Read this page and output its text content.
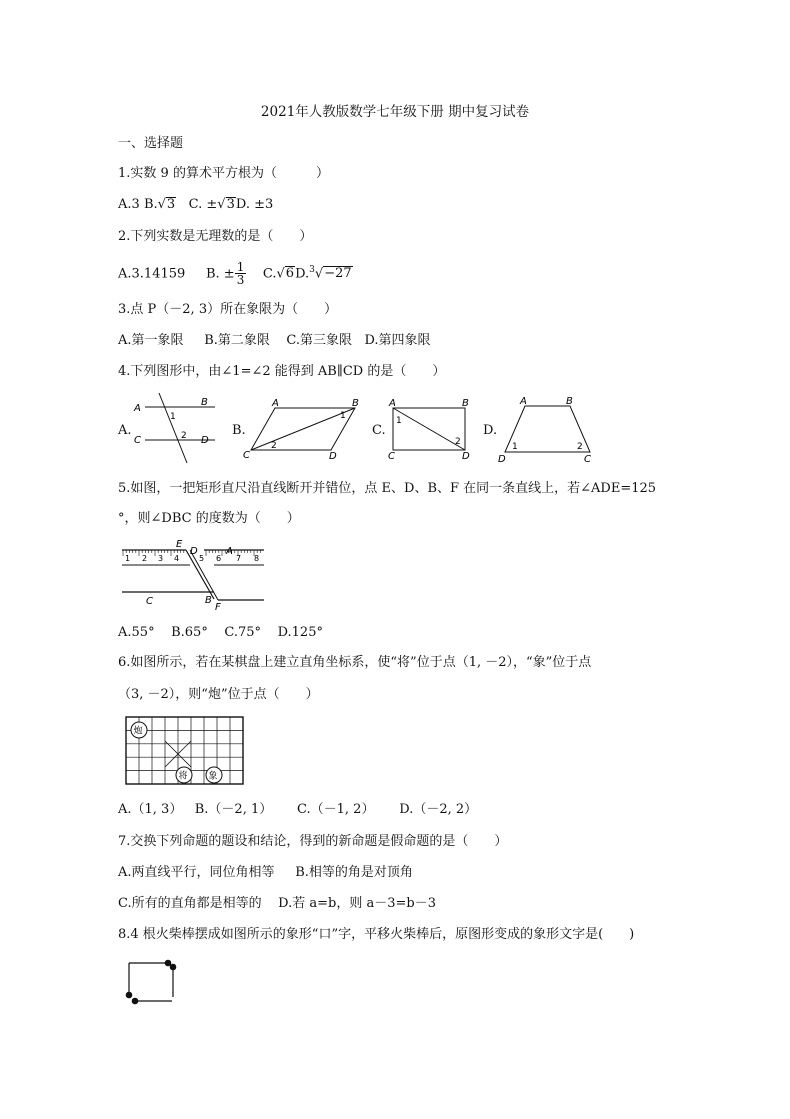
2021年人教版数学七年级下册 期中复习试卷
一、选择题
1.实数 9 的算术平方根为（　　　）
A.3 B.√3 C. ±√3D. ±3
2.下列实数是无理数的是（　　）
A.3.14159 B. ± $\frac{1}{3} C.√6D.^3√-27$
3.点 P（－2, 3）所在象限为（　　）
A.第一象限 B.第二象限 C.第三象限 D.第四象限
4.下列图形中，由∠1=∠2 能得到 AB∥CD 的是（　　）
A.
A
B
C	D
1
2	B.
A	B
C	D
1
2
C.
A	B
C	D
1
2
D.
A	B
C
D
1	2
5.如图，一把矩形直尺沿直线断开并错位，点 E、D、B、F 在同一条直线上，若∠ADE=125
°，则∠DBC 的度数为（　　）
1 2 3 4 5 6 7 8
E
D	A
C	B
F
A.55° B.65° C.75° D.125°
6.如图所示，若在某棋盘上建立直角坐标系，使“将”位于点（1, －2），“象”位于点
（3, －2），则“炮”位于点（　　）
炮
将 象
A.（1, 3） B.（－2, 1） C.（－1, 2） D.（－2, 2）
7.交换下列命题的题设和结论，得到的新命题是假命题的是（　　）
A.两直线平行，同位角相等 B.相等的角是对顶角
C.所有的直角都是相等的 D.若 a=b，则 a－3=b－3
8.4 根火柴棒摆成如图所示的象形“口”字，平移火柴棒后，原图形变成的象形文字是(　　)
